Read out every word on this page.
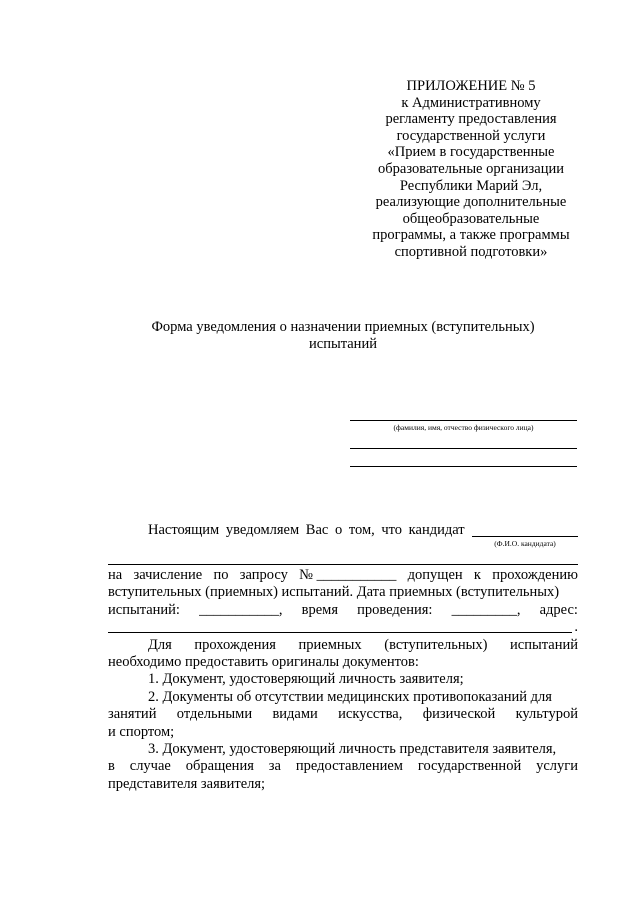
ПРИЛОЖЕНИЕ № 5
к Административному
регламенту предоставления
государственной услуги
«Прием в государственные
образовательные организации
Республики Марий Эл,
реализующие дополнительные
общеобразовательные
программы, а также программы
спортивной подготовки»
Форма уведомления о назначении приемных (вступительных)
испытаний
(фамилия, имя, отчество физического лица)
Настоящим уведомляем Вас о том, что кандидат
(Ф.И.О. кандидата)
на зачисление по запросу № ___________ допущен к прохождению
вступительных (приемных) испытаний. Дата приемных (вступительных)
испытаний: ___________, время проведения: _________, адрес:
.
Для прохождения приемных (вступительных) испытаний
необходимо предоставить оригиналы документов:
1. Документ, удостоверяющий личность заявителя;
2. Документы об отсутствии медицинских противопоказаний для
занятий отдельными видами искусства, физической культурой
и спортом;
3. Документ, удостоверяющий личность представителя заявителя,
в случае обращения за предоставлением государственной услуги
представителя заявителя;
